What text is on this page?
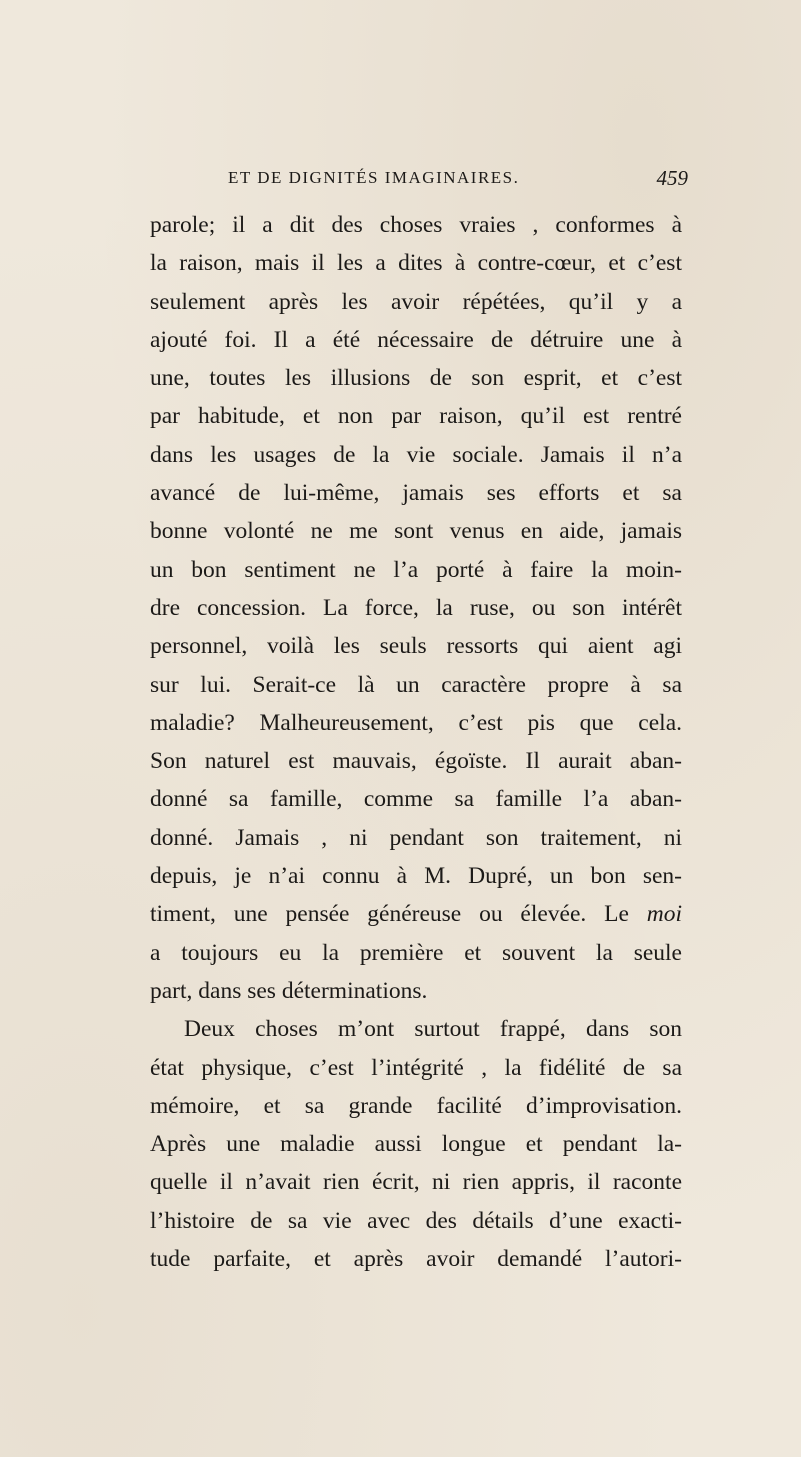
ET DE DIGNITÉS IMAGINAIRES.	459
parole; il a dit des choses vraies , conformes à
la raison, mais il les a dites à contre-cœur, et c’est
seulement après les avoir répétées, qu’il y a
ajouté foi. Il a été nécessaire de détruire une à
une, toutes les illusions de son esprit, et c’est
par habitude, et non par raison, qu’il est rentré
dans les usages de la vie sociale. Jamais il n’a
avancé de lui-même, jamais ses efforts et sa
bonne volonté ne me sont venus en aide, jamais
un bon sentiment ne l’a porté à faire la moin-
dre concession. La force, la ruse, ou son intérêt
personnel, voilà les seuls ressorts qui aient agi
sur lui. Serait-ce là un caractère propre à sa
maladie? Malheureusement, c’est pis que cela.
Son naturel est mauvais, égoïste. Il aurait aban-
donné sa famille, comme sa famille l’a aban-
donné. Jamais , ni pendant son traitement, ni
depuis, je n’ai connu à M. Dupré, un bon sen-
timent, une pensée généreuse ou élevée. Le moi
a toujours eu la première et souvent la seule
part, dans ses déterminations.
Deux choses m’ont surtout frappé, dans son
état physique, c’est l’intégrité , la fidélité de sa
mémoire, et sa grande facilité d’improvisation.
Après une maladie aussi longue et pendant la-
quelle il n’avait rien écrit, ni rien appris, il raconte
l’histoire de sa vie avec des détails d’une exacti-
tude parfaite, et après avoir demandé l’autori-
